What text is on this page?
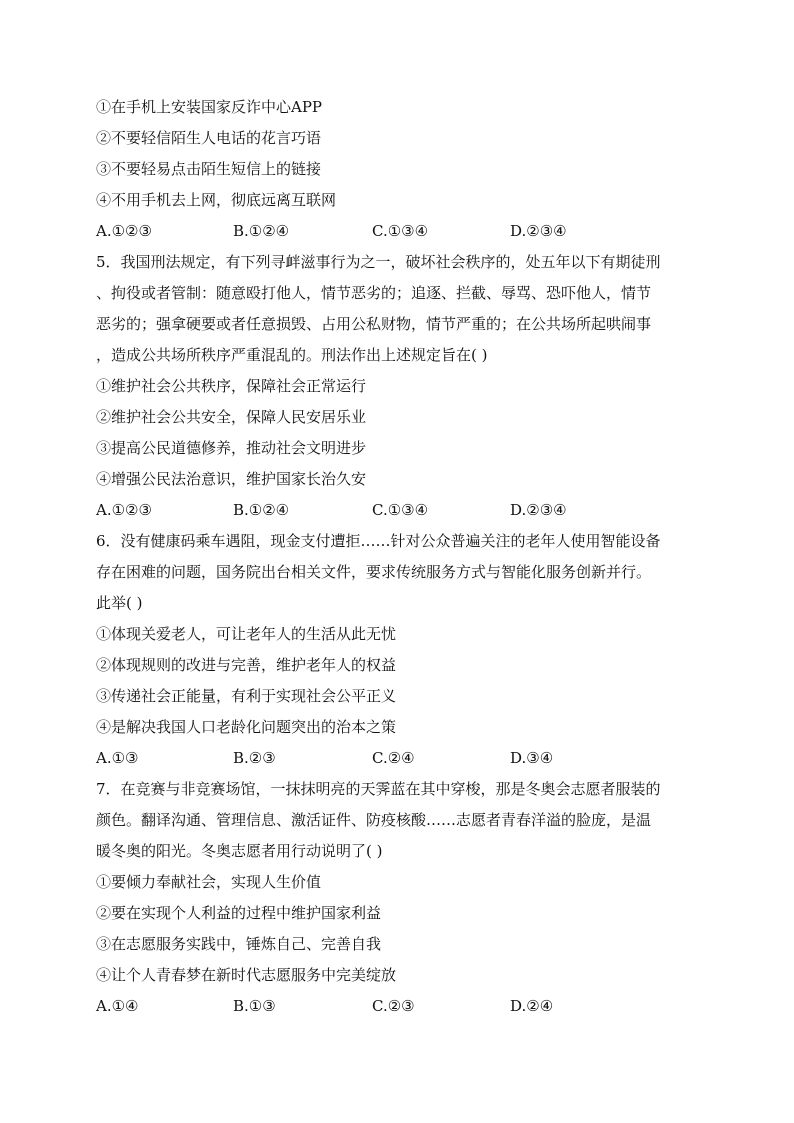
①在手机上安装国家反诈中心APP
②不要轻信陌生人电话的花言巧语
③不要轻易点击陌生短信上的链接
④不用手机去上网，彻底远离互联网
A.①②③	B.①②④	C.①③④	D.②③④
5．我国刑法规定，有下列寻衅滋事行为之一，破坏社会秩序的，处五年以下有期徒刑
、拘役或者管制：随意殴打他人，情节恶劣的；追逐、拦截、辱骂、恐吓他人，情节
恶劣的；强拿硬要或者任意损毁、占用公私财物，情节严重的；在公共场所起哄闹事
，造成公共场所秩序严重混乱的。刑法作出上述规定旨在( )
①维护社会公共秩序，保障社会正常运行
②维护社会公共安全，保障人民安居乐业
③提高公民道德修养，推动社会文明进步
④增强公民法治意识，维护国家长治久安
A.①②③	B.①②④	C.①③④	D.②③④
6．没有健康码乘车遇阻，现金支付遭拒……针对公众普遍关注的老年人使用智能设备
存在困难的问题，国务院出台相关文件，要求传统服务方式与智能化服务创新并行。
此举( )
①体现关爱老人，可让老年人的生活从此无忧
②体现规则的改进与完善，维护老年人的权益
③传递社会正能量，有利于实现社会公平正义
④是解决我国人口老龄化问题突出的治本之策
A.①③	B.②③	C.②④	D.③④
7．在竞赛与非竞赛场馆，一抹抹明亮的天霁蓝在其中穿梭，那是冬奥会志愿者服装的
颜色。翻译沟通、管理信息、激活证件、防疫核酸……志愿者青春洋溢的脸庞，是温
暖冬奥的阳光。冬奥志愿者用行动说明了( )
①要倾力奉献社会，实现人生价值
②要在实现个人利益的过程中维护国家利益
③在志愿服务实践中，锤炼自己、完善自我
④让个人青春梦在新时代志愿服务中完美绽放
A.①④	B.①③	C.②③	D.②④
